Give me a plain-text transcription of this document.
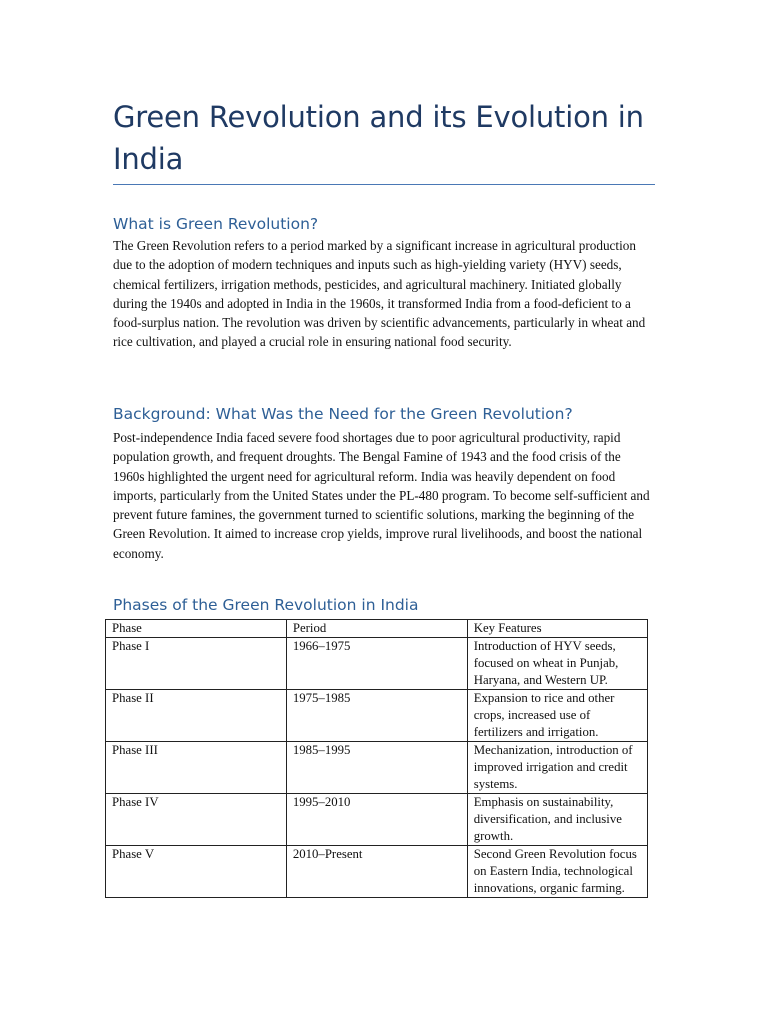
Green Revolution and its Evolution in India
What is Green Revolution?

The Green Revolution refers to a period marked by a significant increase in agricultural production due to the adoption of modern techniques and inputs such as high-yielding variety (HYV) seeds, chemical fertilizers, irrigation methods, pesticides, and agricultural machinery. Initiated globally during the 1940s and adopted in India in the 1960s, it transformed India from a food-deficient to a food-surplus nation. The revolution was driven by scientific advancements, particularly in wheat and rice cultivation, and played a crucial role in ensuring national food security.

Background: What Was the Need for the Green Revolution?

Post-independence India faced severe food shortages due to poor agricultural productivity, rapid population growth, and frequent droughts. The Bengal Famine of 1943 and the food crisis of the 1960s highlighted the urgent need for agricultural reform. India was heavily dependent on food imports, particularly from the United States under the PL-480 program. To become self-sufficient and prevent future famines, the government turned to scientific solutions, marking the beginning of the Green Revolution. It aimed to increase crop yields, improve rural livelihoods, and boost the national economy.

Phases of the Green Revolution in India
Phase	Period	Key Features
Phase I	1966–1975	Introduction of HYV seeds, focused on wheat in Punjab, Haryana, and Western UP.
Phase II	1975–1985	Expansion to rice and other crops, increased use of fertilizers and irrigation.
Phase III	1985–1995	Mechanization, introduction of improved irrigation and credit systems.
Phase IV	1995–2010	Emphasis on sustainability, diversification, and inclusive growth.
Phase V	2010–Present	Second Green Revolution focus on Eastern India, technological innovations, organic farming.
